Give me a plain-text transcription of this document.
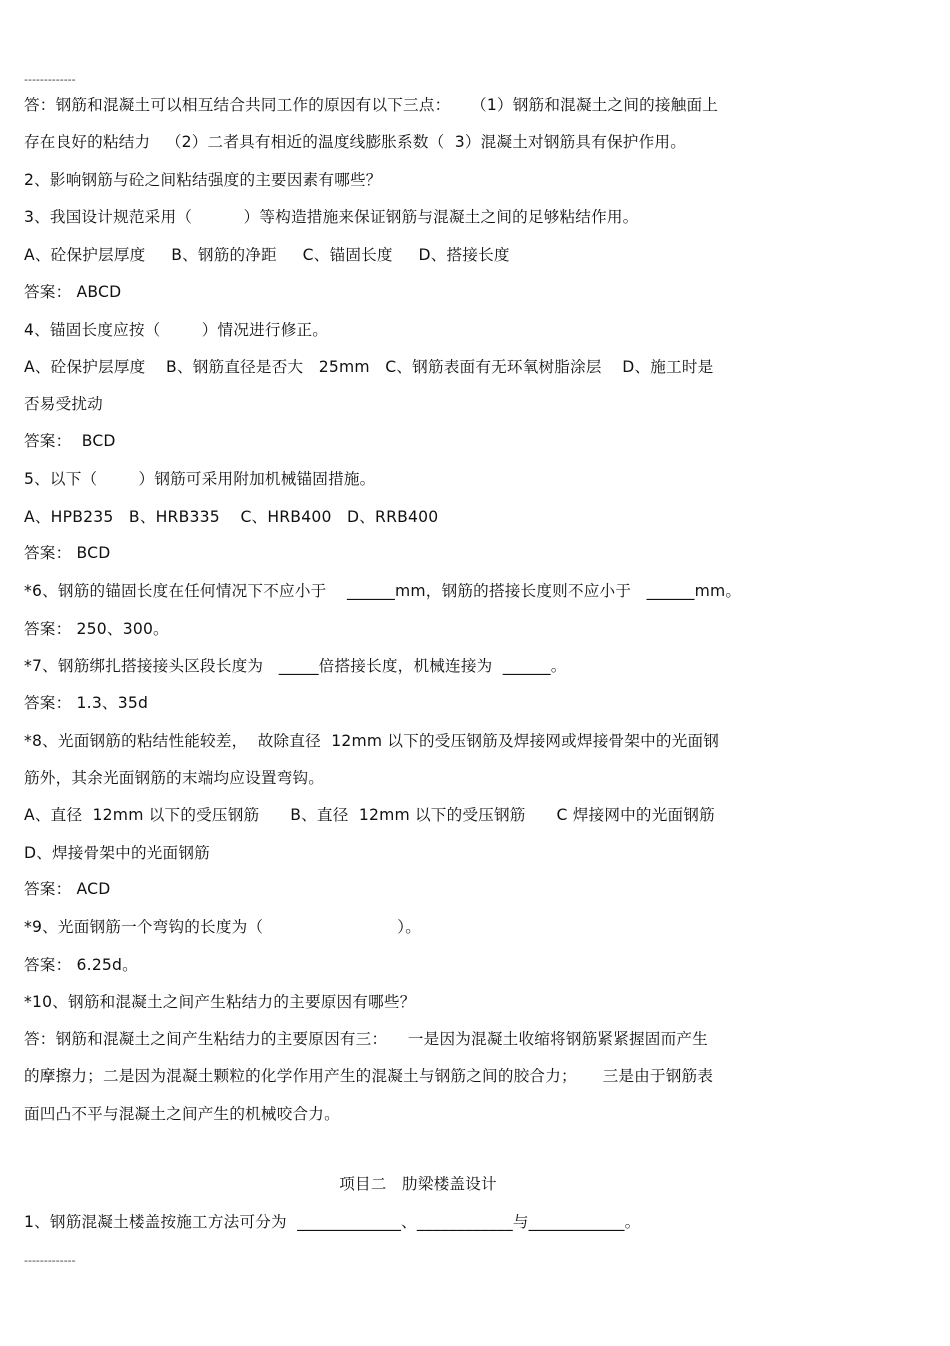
-------------

答：钢筋和混凝土可以相互结合共同工作的原因有以下三点：    （1）钢筋和混凝土之间的接触面上

存在良好的粘结力   （2）二者具有相近的温度线膨胀系数（  3）混凝土对钢筋具有保护作用。

2、影响钢筋与砼之间粘结强度的主要因素有哪些？

3、我国设计规范采用（          ）等构造措施来保证钢筋与混凝土之间的足够粘结作用。

A、砼保护层厚度     B、钢筋的净距     C、锚固长度     D、搭接长度

答案： ABCD

4、锚固长度应按（        ）情况进行修正。

A、砼保护层厚度    B、钢筋直径是否大   25mm   C、钢筋表面有无环氧树脂涂层    D、施工时是

否易受扰动

答案：  BCD

5、以下（        ）钢筋可采用附加机械锚固措施。

A、HPB235   B、HRB335    C、HRB400   D、RRB400

答案： BCD

*6、钢筋的锚固长度在任何情况下不应小于    ______mm，钢筋的搭接长度则不应小于   ______mm。

答案： 250、300。

*7、钢筋绑扎搭接接头区段长度为   _____倍搭接长度，机械连接为  ______。

答案： 1.3、35d

*8、光面钢筋的粘结性能较差，  故除直径  12mm 以下的受压钢筋及焊接网或焊接骨架中的光面钢

筋外，其余光面钢筋的末端均应设置弯钩。

A、直径  12mm 以下的受压钢筋      B、直径  12mm 以下的受压钢筋      C 焊接网中的光面钢筋

D、焊接骨架中的光面钢筋

答案： ACD

*9、光面钢筋一个弯钩的长度为（                          ）。

答案： 6.25d。

*10、钢筋和混凝土之间产生粘结力的主要原因有哪些？

答：钢筋和混凝土之间产生粘结力的主要原因有三：    一是因为混凝土收缩将钢筋紧紧握固而产生

的摩擦力；二是因为混凝土颗粒的化学作用产生的混凝土与钢筋之间的胶合力；     三是由于钢筋表

面凹凸不平与混凝土之间产生的机械咬合力。

项目二   肋梁楼盖设计

1、钢筋混凝土楼盖按施工方法可分为  _____________、____________与____________。

-------------
